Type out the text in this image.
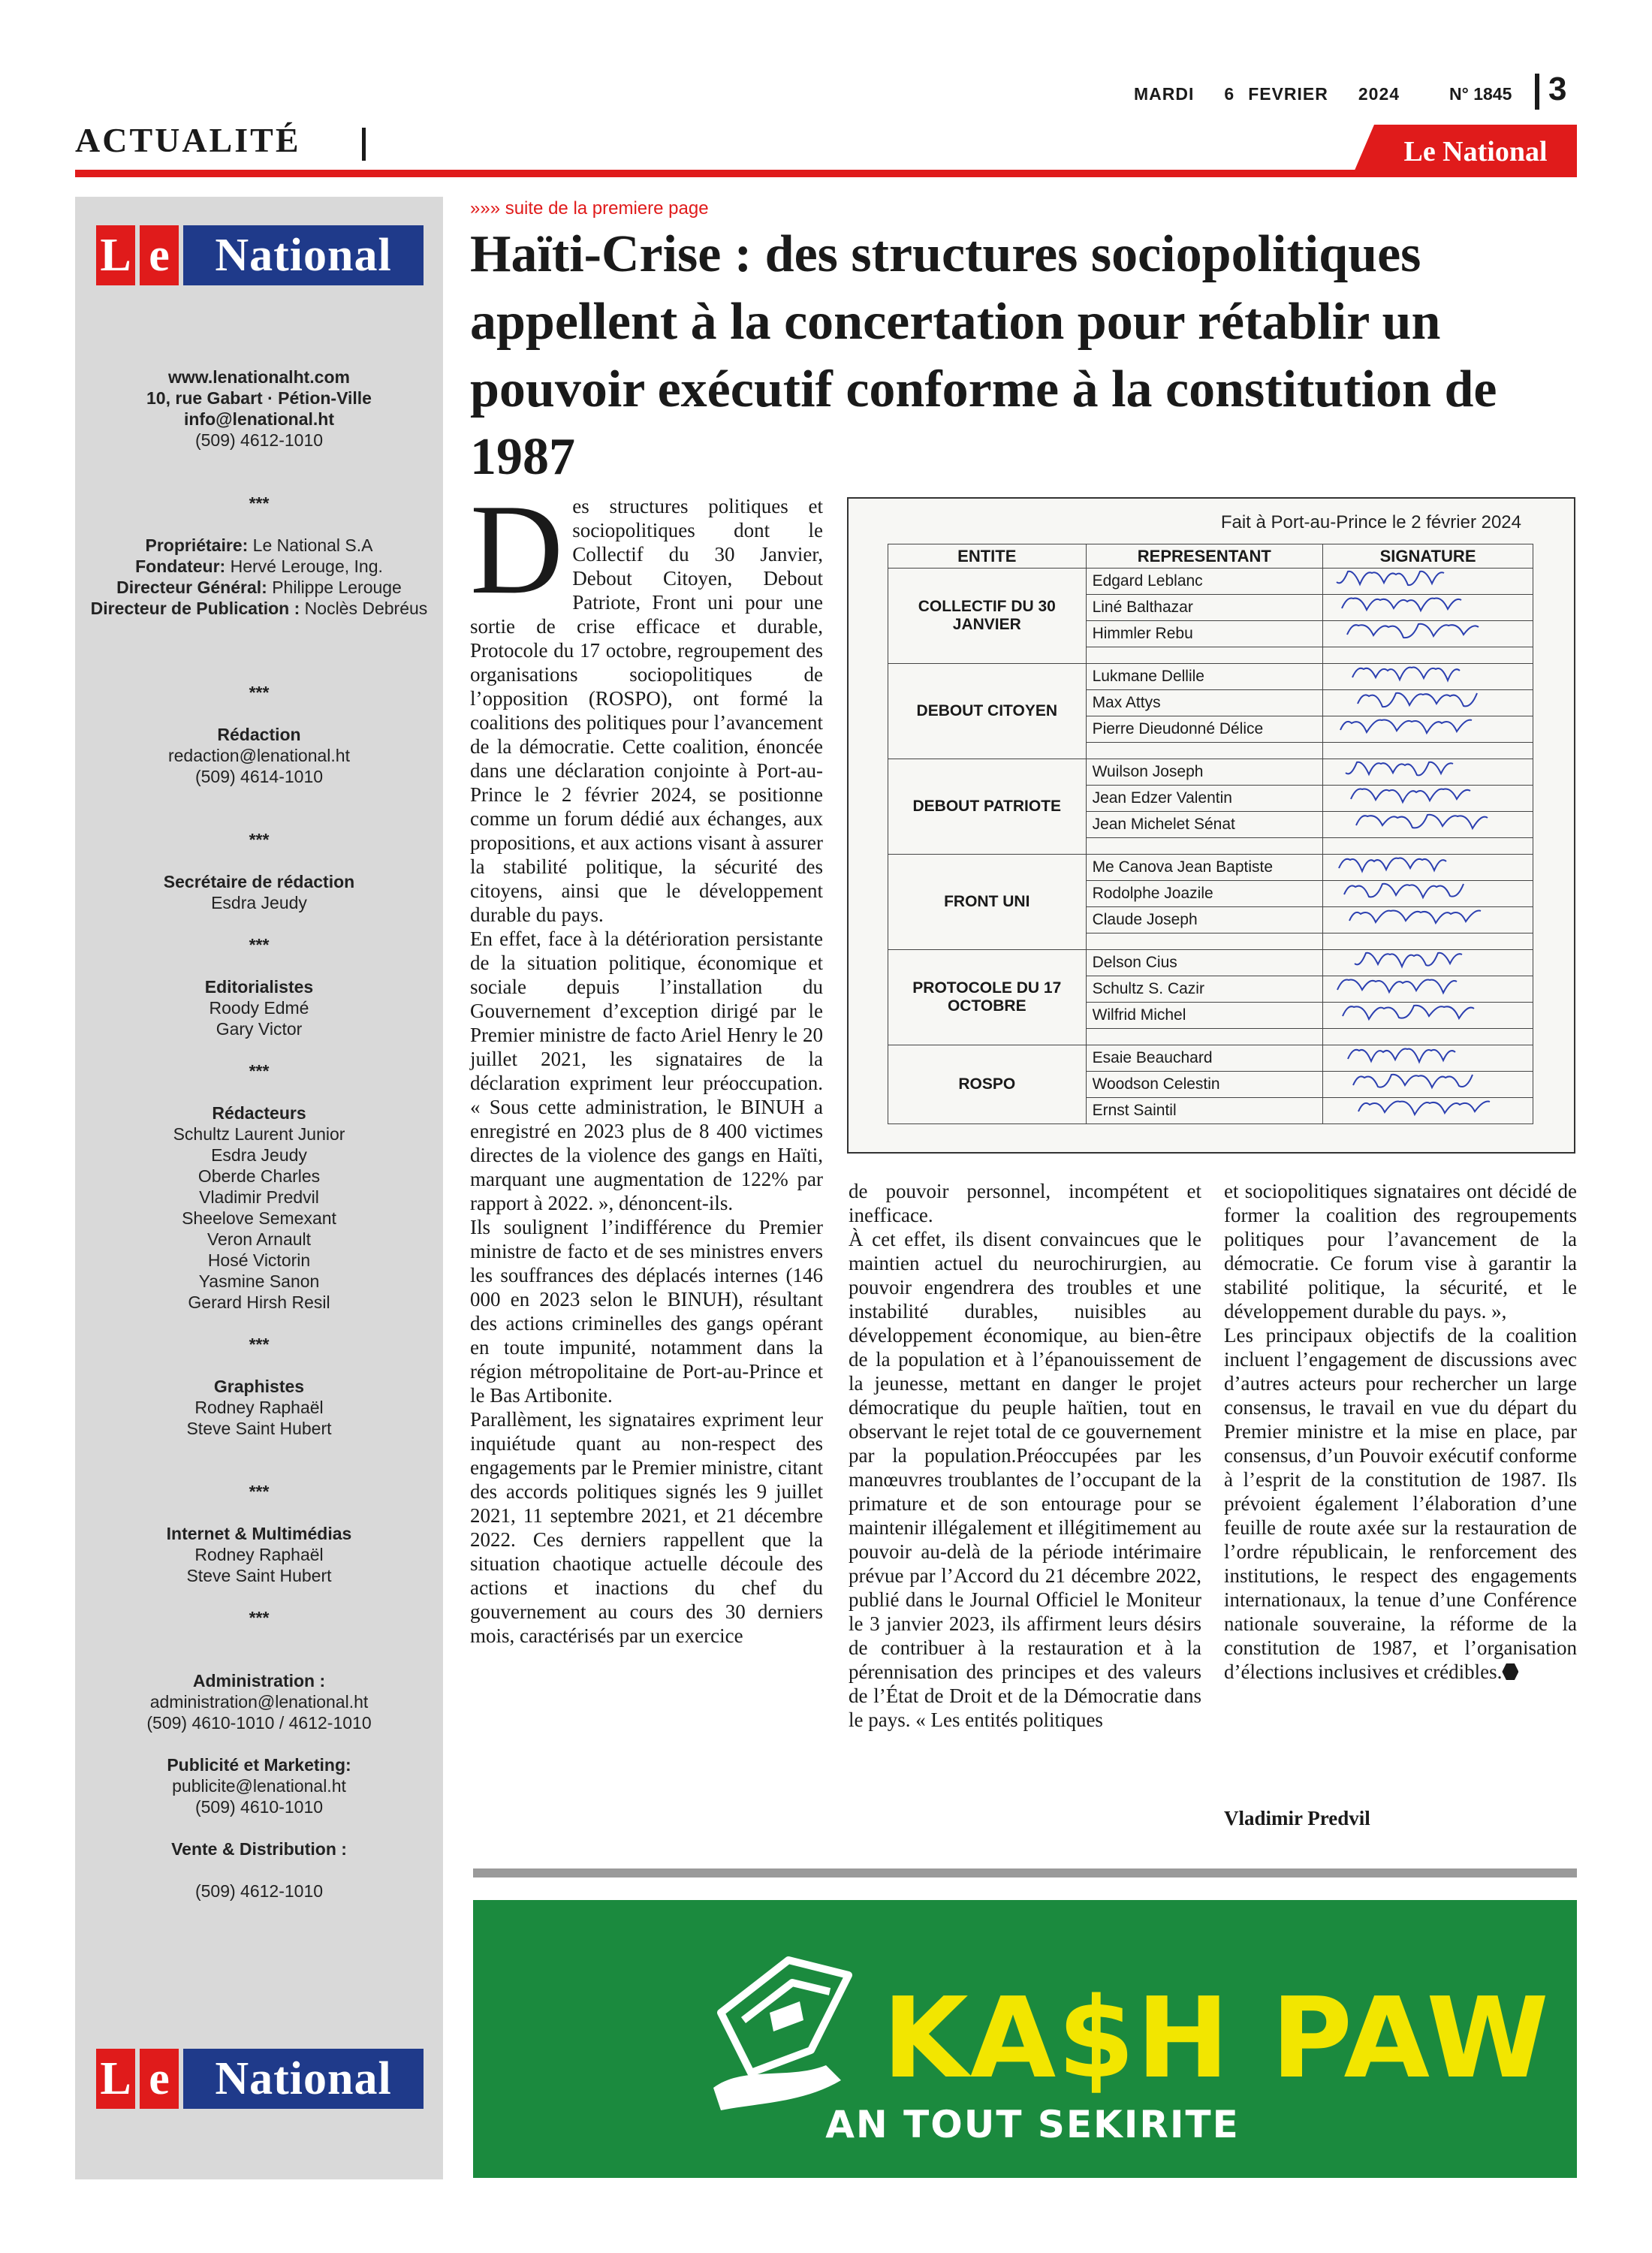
MARDI 6 FEVRIER 2024	N° 1845 3
ACTUALITÉ	Le National
L e National
www.lenationalht.com
10, rue Gabart · Pétion-Ville
info@lenational.ht
(509) 4612-1010
***
Propriétaire: Le National S.A
Fondateur: Hervé Lerouge, Ing.
Directeur Général: Philippe Lerouge
Directeur de Publication : Noclès Debréus
***
Rédaction
redaction@lenational.ht
(509) 4614-1010
***
Secrétaire de rédaction
Esdra Jeudy
***
Editorialistes
Roody Edmé
Gary Victor
***
Rédacteurs
Schultz Laurent Junior
Esdra Jeudy
Oberde Charles
Vladimir Predvil
Sheelove Semexant
Veron Arnault
Hosé Victorin
Yasmine Sanon
Gerard Hirsh Resil
***
Graphistes
Rodney Raphaël
Steve Saint Hubert
***
Internet & Multimédias
Rodney Raphaël
Steve Saint Hubert
***
Administration :
administration@lenational.ht
(509) 4610-1010 / 4612-1010
Publicité et Marketing:
publicite@lenational.ht
(509) 4610-1010
Vente & Distribution :
(509) 4612-1010
L e National
»»» suite de la premiere page
Haïti-Crise : des structures sociopolitiques appellent à la concertation pour rétablir un pouvoir exécutif conforme à la constitution de 1987
Des structures politiques et sociopolitiques dont le Collectif du 30 Janvier, Debout Citoyen, Debout Patriote, Front uni pour une sortie de crise efficace et durable, Protocole du 17 octobre, regroupement des organisations sociopolitiques de l’opposition (ROSPO), ont formé la coalitions des politiques pour l’avancement de la démocratie. Cette coalition, énoncée dans une déclaration conjointe à Port-au-Prince le 2 février 2024, se positionne comme un forum dédié aux échanges, aux propositions, et aux actions visant à assurer la stabilité politique, la sécurité des citoyens, ainsi que le développement durable du pays.
En effet, face à la détérioration persistante de la situation politique, économique et sociale depuis l’installation du Gouvernement d’exception dirigé par le Premier ministre de facto Ariel Henry le 20 juillet 2021, les signataires de la déclaration expriment leur préoccupation. « Sous cette administration, le BINUH a enregistré en 2023 plus de 8 400 victimes directes de la violence des gangs en Haïti, marquant une augmentation de 122% par rapport à 2022. », dénoncent-ils.
Ils soulignent l’indifférence du Premier ministre de facto et de ses ministres envers les souffrances des déplacés internes (146 000 en 2023 selon le BINUH), résultant des actions criminelles des gangs opérant en toute impunité, notamment dans la région métropolitaine de Port-au-Prince et le Bas Artibonite.
Parallèment, les signataires expriment leur inquiétude quant au non-respect des engagements par le Premier ministre, citant des accords politiques signés les 9 juillet 2021, 11 septembre 2021, et 21 décembre 2022. Ces derniers rappellent que la situation chaotique actuelle découle des actions et inactions du chef du gouvernement au cours des 30 derniers mois, caractérisés par un exercice
de pouvoir personnel, incompétent et inefficace.
À cet effet, ils disent convaincues que le maintien actuel du neurochirurgien, au pouvoir engendrera des troubles et une instabilité durables, nuisibles au développement économique, au bien-être de la population et à l’épanouissement de la jeunesse, mettant en danger le projet démocratique du peuple haïtien, tout en observant le rejet total de ce gouvernement par la population.Préoccupées par les manœuvres troublantes de l’occupant de la primature et de son entourage pour se maintenir illégalement et illégitimement au pouvoir au-delà de la période intérimaire prévue par l’Accord du 21 décembre 2022, publié dans le Journal Officiel le Moniteur le 3 janvier 2023, ils affirment leurs désirs de contribuer à la restauration et à la pérennisation des principes et des valeurs de l’État de Droit et de la Démocratie dans le pays. « Les entités politiques
et sociopolitiques signataires ont décidé de former la coalition des regroupements politiques pour l’avancement de la démocratie. Ce forum vise à garantir la stabilité politique, la sécurité, et le développement durable du pays. »,
Les principaux objectifs de la coalition incluent l’engagement de discussions avec d’autres acteurs pour rechercher un large consensus, le travail en vue du départ du Premier ministre et la mise en place, par consensus, d’un Pouvoir exécutif conforme à l’esprit de la constitution de 1987. Ils prévoient également l’élaboration d’une feuille de route axée sur la restauration de l’ordre républicain, le renforcement des institutions, le respect des engagements internationaux, la tenue d’une Conférence nationale souveraine, la réforme de la constitution de 1987, et l’organisation d’élections inclusives et crédibles.
Vladimir Predvil
Fait à Port-au-Prince le 2 février 2024
ENTITE	REPRESENTANT	SIGNATURE
COLLECTIF DU 30 JANVIER	Edgard Leblanc	
	Liné Balthazar	
	Himmler Rebu	

DEBOUT CITOYEN	Lukmane Dellile	
	Max Attys	
	Pierre Dieudonné Délice	

DEBOUT PATRIOTE	Wuilson Joseph	
	Jean Edzer Valentin	
	Jean Michelet Sénat	

FRONT UNI	Me Canova Jean Baptiste	
	Rodolphe Joazile	
	Claude Joseph	

PROTOCOLE DU 17 OCTOBRE	Delson Cius	
	Schultz S. Cazir	
	Wilfrid Michel	

ROSPO	Esaie Beauchard	
	Woodson Celestin	
	Ernst Saintil	
KA$H PAW
AN TOUT SEKIRITE
